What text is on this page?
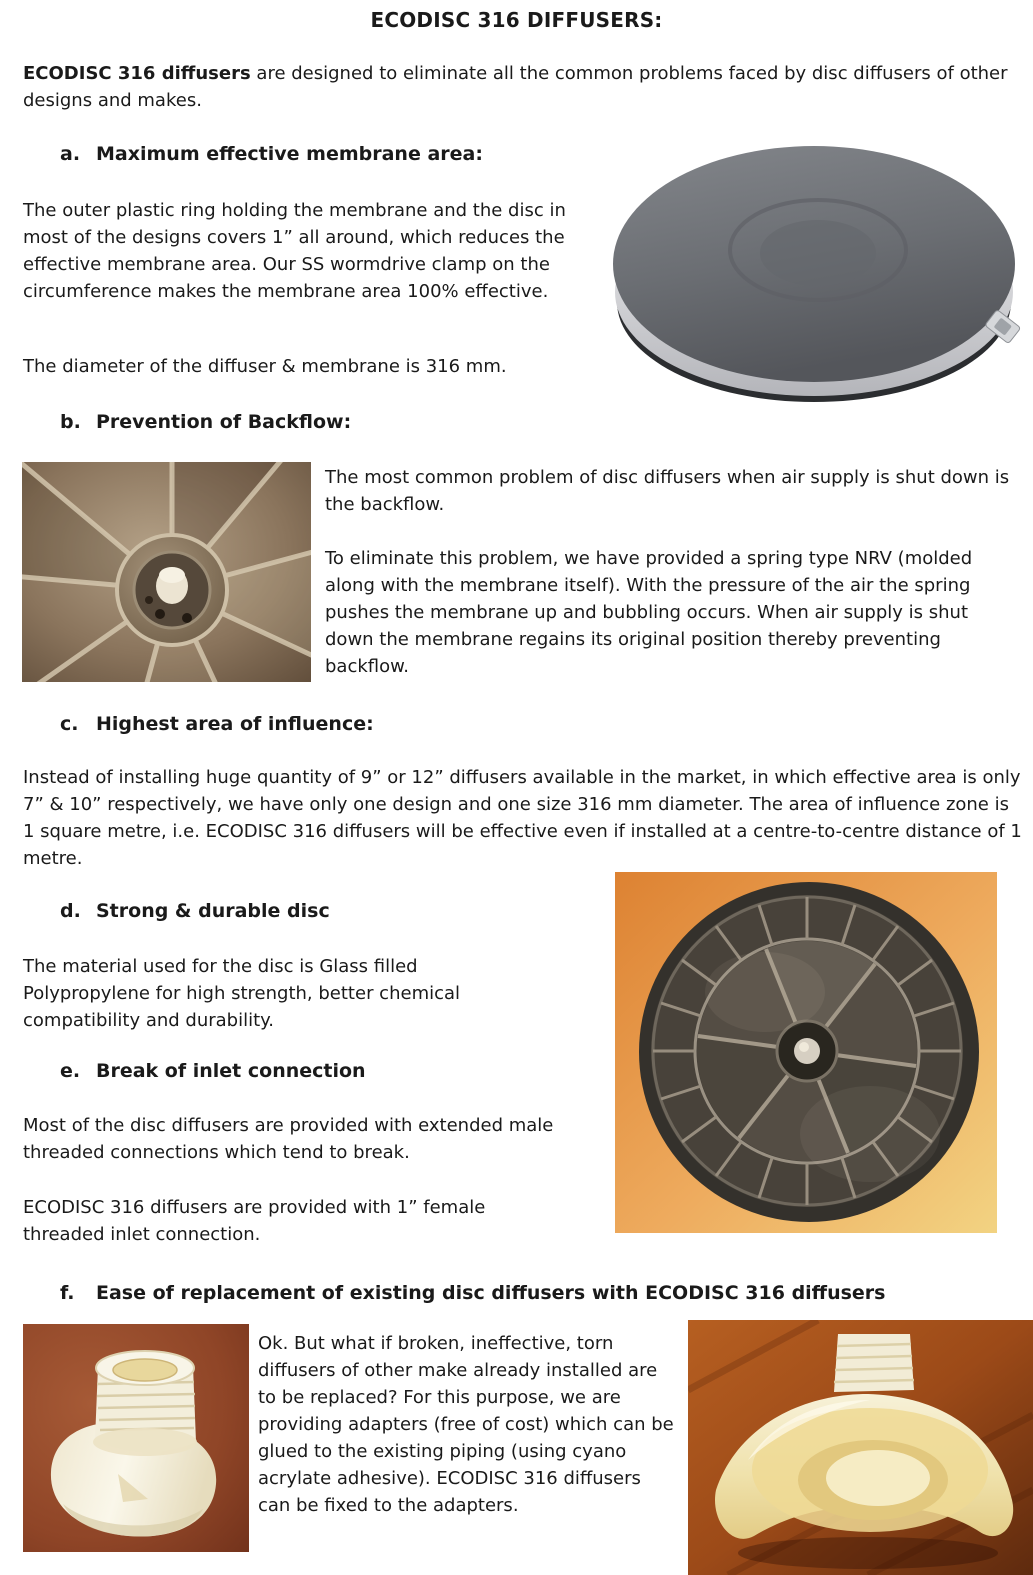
ECODISC 316 DIFFUSERS:

ECODISC 316 diffusers are designed to eliminate all the common problems faced by disc diffusers of other designs and makes.

a. Maximum effective membrane area:

The outer plastic ring holding the membrane and the disc in most of the designs covers 1” all around, which reduces the effective membrane area. Our SS wormdrive clamp on the circumference makes the membrane area 100% effective.

The diameter of the diffuser & membrane is 316 mm.

b. Prevention of Backflow:

The most common problem of disc diffusers when air supply is shut down is the backflow.

To eliminate this problem, we have provided a spring type NRV (molded along with the membrane itself). With the pressure of the air the spring pushes the membrane up and bubbling occurs. When air supply is shut down the membrane regains its original position thereby preventing backflow.

c. Highest area of influence:

Instead of installing huge quantity of 9” or 12” diffusers available in the market, in which effective area is only 7” & 10” respectively, we have only one design and one size 316 mm diameter. The area of influence zone is 1 square metre, i.e. ECODISC 316 diffusers will be effective even if installed at a centre-to-centre distance of 1 metre.

d. Strong & durable disc

The material used for the disc is Glass filled Polypropylene for high strength, better chemical compatibility and durability.

e. Break of inlet connection

Most of the disc diffusers are provided with extended male threaded connections which tend to break.

ECODISC 316 diffusers are provided with 1” female threaded inlet connection.

f.	Ease of replacement of existing disc diffusers with ECODISC 316 diffusers

Ok. But what if broken, ineffective, torn diffusers of other make already installed are to be replaced? For this purpose, we are providing adapters (free of cost) which can be glued to the existing piping (using cyano acrylate adhesive). ECODISC 316 diffusers can be fixed to the adapters.
